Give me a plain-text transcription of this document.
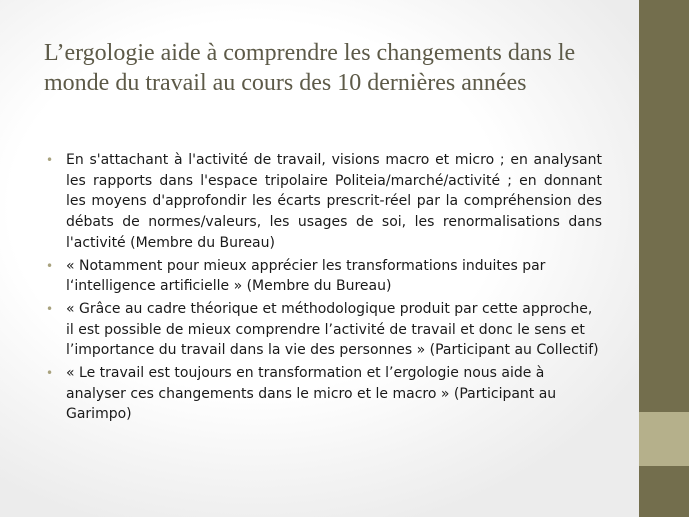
L’ergologie aide à comprendre les changements dans le monde du travail au cours des 10 dernières années
• En s'attachant à l'activité de travail, visions macro et micro ; en analysant les rapports dans l'espace tripolaire Politeia/marché/activité ; en donnant les moyens d'approfondir les écarts prescrit-réel par la compréhension des débats de normes/valeurs, les usages de soi, les renormalisations dans l'activité (Membre du Bureau)
• « Notamment pour mieux apprécier les transformations induites par l‘intelligence artificielle » (Membre du Bureau)
• « Grâce au cadre théorique et méthodologique produit par cette approche, il est possible de mieux comprendre l’activité de travail et donc le sens et l’importance du travail dans la vie des personnes » (Participant au Collectif)
• « Le travail est toujours en transformation et l’ergologie nous aide à analyser ces changements dans le micro et le macro » (Participant au Garimpo)
